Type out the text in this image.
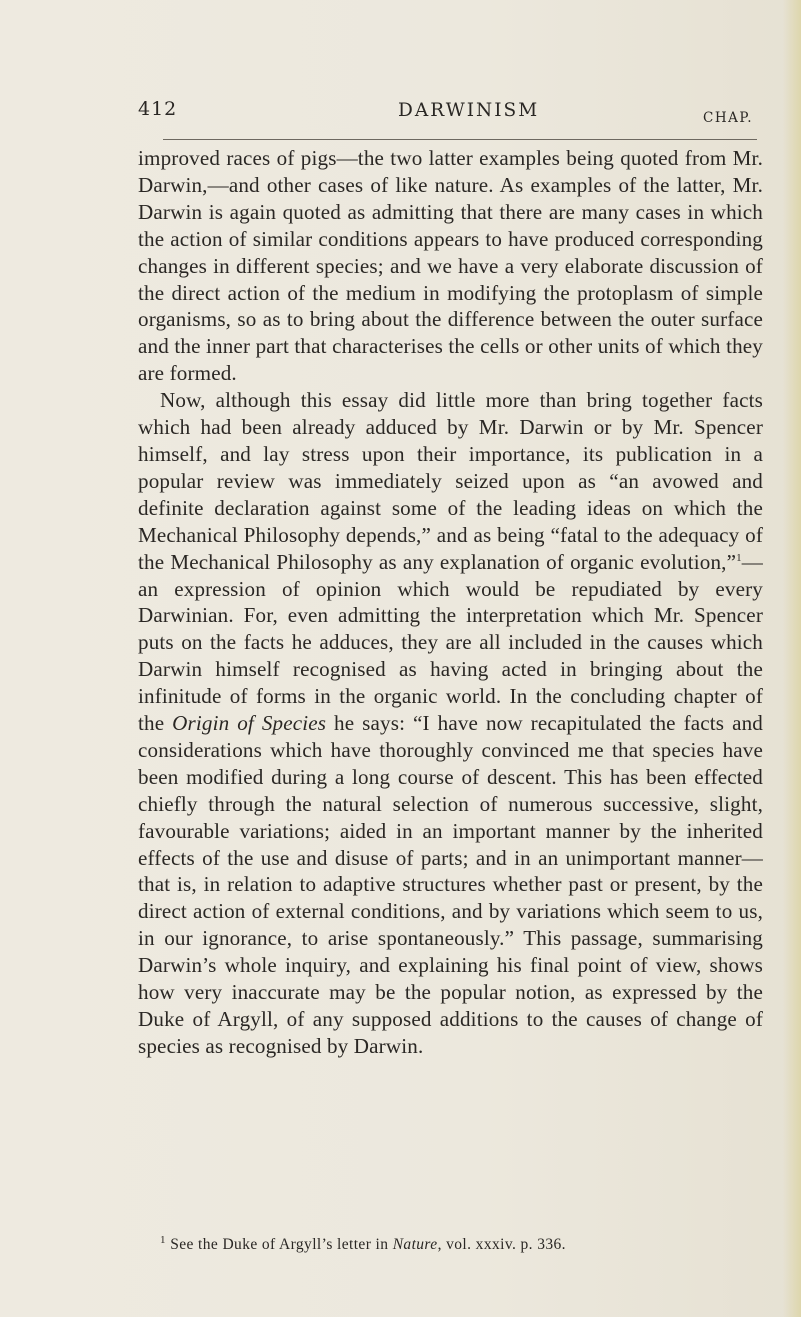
412	DARWINISM	CHAP.

improved races of pigs—the two latter examples being quoted from Mr. Darwin,—and other cases of like nature. As examples of the latter, Mr. Darwin is again quoted as admitting that there are many cases in which the action of similar conditions appears to have produced corresponding changes in different species; and we have a very elaborate discussion of the direct action of the medium in modifying the protoplasm of simple organisms, so as to bring about the difference between the outer surface and the inner part that characterises the cells or other units of which they are formed.

Now, although this essay did little more than bring together facts which had been already adduced by Mr. Darwin or by Mr. Spencer himself, and lay stress upon their importance, its publication in a popular review was immediately seized upon as “an avowed and definite declaration against some of the leading ideas on which the Mechanical Philosophy depends,” and as being “fatal to the adequacy of the Mechanical Philosophy as any explanation of organic evolution,”$^1$—an expression of opinion which would be repudiated by every Darwinian. For, even admitting the interpretation which Mr. Spencer puts on the facts he adduces, they are all included in the causes which Darwin himself recognised as having acted in bringing about the infinitude of forms in the organic world. In the concluding chapter of the Origin of Species he says: “I have now recapitulated the facts and considerations which have thoroughly convinced me that species have been modified during a long course of descent. This has been effected chiefly through the natural selection of numerous successive, slight, favourable variations; aided in an important manner by the inherited effects of the use and disuse of parts; and in an unimportant manner—that is, in relation to adaptive structures whether past or present, by the direct action of external conditions, and by variations which seem to us, in our ignorance, to arise spontaneously.” This passage, summarising Darwin’s whole inquiry, and explaining his final point of view, shows how very inaccurate may be the popular notion, as expressed by the Duke of Argyll, of any supposed additions to the causes of change of species as recognised by Darwin.

$^1$ See the Duke of Argyll’s letter in Nature, vol. xxxiv. p. 336.
